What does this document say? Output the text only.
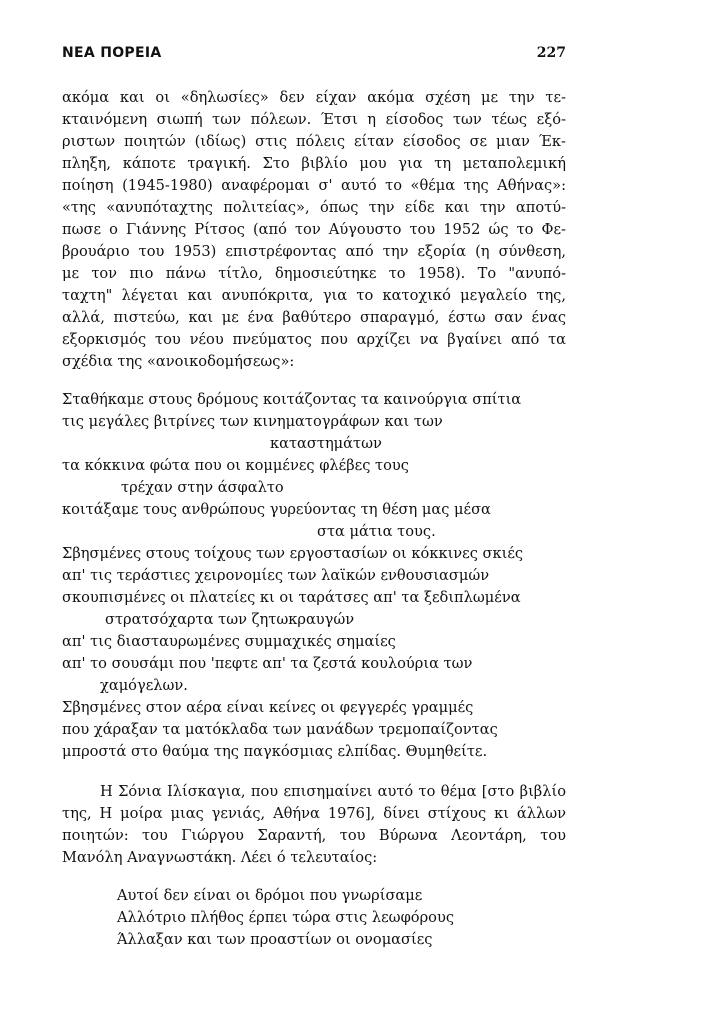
ΝΕΑ ΠΟΡΕΙΑ	227
ακόμα και οι «δηλωσίες» δεν είχαν ακόμα σχέση με την τε-
κταινόμενη σιωπή των πόλεων. Έτσι η είσοδος των τέως εξό-
ριστων ποιητών (ιδίως) στις πόλεις είταν είσοδος σε μιαν Έκ-
πληξη, κάποτε τραγική. Στο βιβλίο μου για τη μεταπολεμική
ποίηση (1945-1980) αναφέρομαι σ' αυτό το «θέμα της Αθήνας»:
«της «ανυπόταχτης πολιτείας», όπως την είδε και την αποτύ-
πωσε ο Γιάννης Ρίτσος (από τον Αύγουστο του 1952 ώς το Φε-
βρουάριο του 1953) επιστρέφοντας από την εξορία (η σύνθεση,
με τον πιο πάνω τίτλο, δημοσιεύτηκε το 1958). Το "ανυπό-
ταχτη" λέγεται και ανυπόκριτα, για το κατοχικό μεγαλείο της,
αλλά, πιστεύω, και με ένα βαθύτερο σπαραγμό, έστω σαν ένας
εξορκισμός του νέου πνεύματος που αρχίζει να βγαίνει από τα
σχέδια της «ανοικοδομήσεως»:
Σταθήκαμε στους δρόμους κοιτάζοντας τα καινούργια σπίτια
τις μεγάλες βιτρίνες των κινηματογράφων και των
καταστημάτων
τα κόκκινα φώτα που οι κομμένες φλέβες τους
τρέχαν στην άσφαλτο
κοιτάξαμε τους ανθρώπους γυρεύοντας τη θέση μας μέσα
στα μάτια τους.
Σβησμένες στους τοίχους των εργοστασίων οι κόκκινες σκιές
απ' τις τεράστιες χειρονομίες των λαϊκών ενθουσιασμών
σκουπισμένες οι πλατείες κι οι ταράτσες απ' τα ξεδιπλωμένα
στρατσόχαρτα των ζητωκραυγών
απ' τις διασταυρωμένες συμμαχικές σημαίες
απ' το σουσάμι που 'πεφτε απ' τα ζεστά κουλούρια των
χαμόγελων.
Σβησμένες στον αέρα είναι κείνες οι φεγγερές γραμμές
που χάραξαν τα ματόκλαδα των μανάδων τρεμοπαίζοντας
μπροστά στο θαύμα της παγκόσμιας ελπίδας. Θυμηθείτε.
Η Σόνια Ιλίσκαγια, που επισημαίνει αυτό το θέμα [στο βιβλίο
της, Η μοίρα μιας γενιάς, Αθήνα 1976], δίνει στίχους κι άλλων
ποιητών: του Γιώργου Σαραντή, του Βύρωνα Λεοντάρη, του
Μανόλη Αναγνωστάκη. Λέει ό τελευταίος:
Αυτοί δεν είναι οι δρόμοι που γνωρίσαμε
Αλλότριο πλήθος έρπει τώρα στις λεωφόρους
Άλλαξαν και των προαστίων οι ονομασίες
